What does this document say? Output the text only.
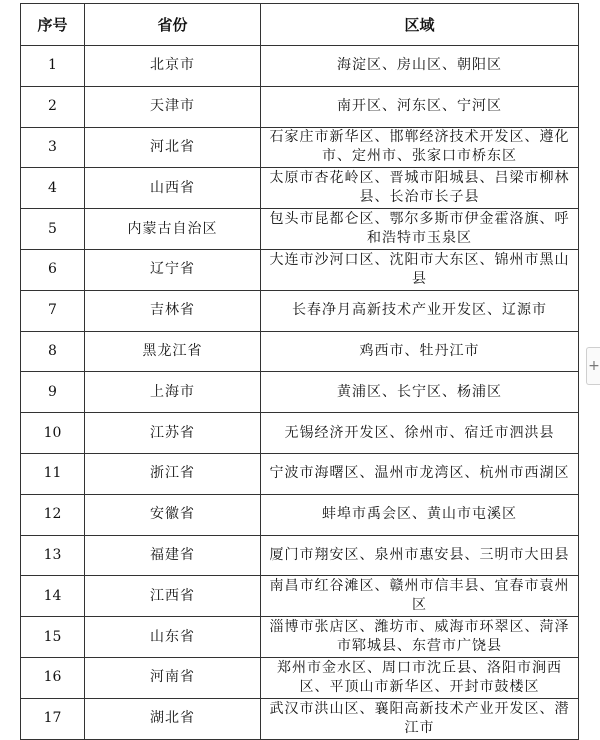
序号	省份	区域
1	北京市	海淀区、房山区、朝阳区
2	天津市	南开区、河东区、宁河区
3	河北省	石家庄市新华区、邯郸经济技术开发区、遵化市、定州市、张家口市桥东区
4	山西省	太原市杏花岭区、晋城市阳城县、吕梁市柳林县、长治市长子县
5	内蒙古自治区	包头市昆都仑区、鄂尔多斯市伊金霍洛旗、呼和浩特市玉泉区
6	辽宁省	大连市沙河口区、沈阳市大东区、锦州市黑山县
7	吉林省	长春净月高新技术产业开发区、辽源市
8	黑龙江省	鸡西市、牡丹江市
9	上海市	黄浦区、长宁区、杨浦区
10	江苏省	无锡经济开发区、徐州市、宿迁市泗洪县
11	浙江省	宁波市海曙区、温州市龙湾区、杭州市西湖区
12	安徽省	蚌埠市禹会区、黄山市屯溪区
13	福建省	厦门市翔安区、泉州市惠安县、三明市大田县
14	江西省	南昌市红谷滩区、赣州市信丰县、宜春市袁州区
15	山东省	淄博市张店区、潍坊市、威海市环翠区、菏泽市郓城县、东营市广饶县
16	河南省	郑州市金水区、周口市沈丘县、洛阳市涧西区、平顶山市新华区、开封市鼓楼区
17	湖北省	武汉市洪山区、襄阳高新技术产业开发区、潜江市
+
